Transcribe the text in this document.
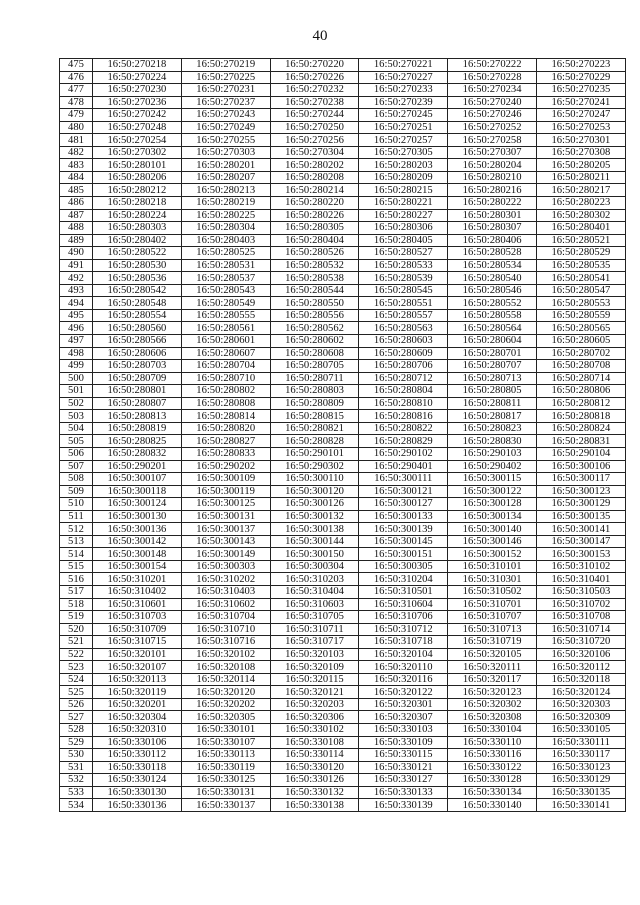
40
475	16:50:270218	16:50:270219	16:50:270220	16:50:270221	16:50:270222	16:50:270223
476	16:50:270224	16:50:270225	16:50:270226	16:50:270227	16:50:270228	16:50:270229
477	16:50:270230	16:50:270231	16:50:270232	16:50:270233	16:50:270234	16:50:270235
478	16:50:270236	16:50:270237	16:50:270238	16:50:270239	16:50:270240	16:50:270241
479	16:50:270242	16:50:270243	16:50:270244	16:50:270245	16:50:270246	16:50:270247
480	16:50:270248	16:50:270249	16:50:270250	16:50:270251	16:50:270252	16:50:270253
481	16:50:270254	16:50:270255	16:50:270256	16:50:270257	16:50:270258	16:50:270301
482	16:50:270302	16:50:270303	16:50:270304	16:50:270305	16:50:270307	16:50:270308
483	16:50:280101	16:50:280201	16:50:280202	16:50:280203	16:50:280204	16:50:280205
484	16:50:280206	16:50:280207	16:50:280208	16:50:280209	16:50:280210	16:50:280211
485	16:50:280212	16:50:280213	16:50:280214	16:50:280215	16:50:280216	16:50:280217
486	16:50:280218	16:50:280219	16:50:280220	16:50:280221	16:50:280222	16:50:280223
487	16:50:280224	16:50:280225	16:50:280226	16:50:280227	16:50:280301	16:50:280302
488	16:50:280303	16:50:280304	16:50:280305	16:50:280306	16:50:280307	16:50:280401
489	16:50:280402	16:50:280403	16:50:280404	16:50:280405	16:50:280406	16:50:280521
490	16:50:280522	16:50:280525	16:50:280526	16:50:280527	16:50:280528	16:50:280529
491	16:50:280530	16:50:280531	16:50:280532	16:50:280533	16:50:280534	16:50:280535
492	16:50:280536	16:50:280537	16:50:280538	16:50:280539	16:50:280540	16:50:280541
493	16:50:280542	16:50:280543	16:50:280544	16:50:280545	16:50:280546	16:50:280547
494	16:50:280548	16:50:280549	16:50:280550	16:50:280551	16:50:280552	16:50:280553
495	16:50:280554	16:50:280555	16:50:280556	16:50:280557	16:50:280558	16:50:280559
496	16:50:280560	16:50:280561	16:50:280562	16:50:280563	16:50:280564	16:50:280565
497	16:50:280566	16:50:280601	16:50:280602	16:50:280603	16:50:280604	16:50:280605
498	16:50:280606	16:50:280607	16:50:280608	16:50:280609	16:50:280701	16:50:280702
499	16:50:280703	16:50:280704	16:50:280705	16:50:280706	16:50:280707	16:50:280708
500	16:50:280709	16:50:280710	16:50:280711	16:50:280712	16:50:280713	16:50:280714
501	16:50:280801	16:50:280802	16:50:280803	16:50:280804	16:50:280805	16:50:280806
502	16:50:280807	16:50:280808	16:50:280809	16:50:280810	16:50:280811	16:50:280812
503	16:50:280813	16:50:280814	16:50:280815	16:50:280816	16:50:280817	16:50:280818
504	16:50:280819	16:50:280820	16:50:280821	16:50:280822	16:50:280823	16:50:280824
505	16:50:280825	16:50:280827	16:50:280828	16:50:280829	16:50:280830	16:50:280831
506	16:50:280832	16:50:280833	16:50:290101	16:50:290102	16:50:290103	16:50:290104
507	16:50:290201	16:50:290202	16:50:290302	16:50:290401	16:50:290402	16:50:300106
508	16:50:300107	16:50:300109	16:50:300110	16:50:300111	16:50:300115	16:50:300117
509	16:50:300118	16:50:300119	16:50:300120	16:50:300121	16:50:300122	16:50:300123
510	16:50:300124	16:50:300125	16:50:300126	16:50:300127	16:50:300128	16:50:300129
511	16:50:300130	16:50:300131	16:50:300132	16:50:300133	16:50:300134	16:50:300135
512	16:50:300136	16:50:300137	16:50:300138	16:50:300139	16:50:300140	16:50:300141
513	16:50:300142	16:50:300143	16:50:300144	16:50:300145	16:50:300146	16:50:300147
514	16:50:300148	16:50:300149	16:50:300150	16:50:300151	16:50:300152	16:50:300153
515	16:50:300154	16:50:300303	16:50:300304	16:50:300305	16:50:310101	16:50:310102
516	16:50:310201	16:50:310202	16:50:310203	16:50:310204	16:50:310301	16:50:310401
517	16:50:310402	16:50:310403	16:50:310404	16:50:310501	16:50:310502	16:50:310503
518	16:50:310601	16:50:310602	16:50:310603	16:50:310604	16:50:310701	16:50:310702
519	16:50:310703	16:50:310704	16:50:310705	16:50:310706	16:50:310707	16:50:310708
520	16:50:310709	16:50:310710	16:50:310711	16:50:310712	16:50:310713	16:50:310714
521	16:50:310715	16:50:310716	16:50:310717	16:50:310718	16:50:310719	16:50:310720
522	16:50:320101	16:50:320102	16:50:320103	16:50:320104	16:50:320105	16:50:320106
523	16:50:320107	16:50:320108	16:50:320109	16:50:320110	16:50:320111	16:50:320112
524	16:50:320113	16:50:320114	16:50:320115	16:50:320116	16:50:320117	16:50:320118
525	16:50:320119	16:50:320120	16:50:320121	16:50:320122	16:50:320123	16:50:320124
526	16:50:320201	16:50:320202	16:50:320203	16:50:320301	16:50:320302	16:50:320303
527	16:50:320304	16:50:320305	16:50:320306	16:50:320307	16:50:320308	16:50:320309
528	16:50:320310	16:50:330101	16:50:330102	16:50:330103	16:50:330104	16:50:330105
529	16:50:330106	16:50:330107	16:50:330108	16:50:330109	16:50:330110	16:50:330111
530	16:50:330112	16:50:330113	16:50:330114	16:50:330115	16:50:330116	16:50:330117
531	16:50:330118	16:50:330119	16:50:330120	16:50:330121	16:50:330122	16:50:330123
532	16:50:330124	16:50:330125	16:50:330126	16:50:330127	16:50:330128	16:50:330129
533	16:50:330130	16:50:330131	16:50:330132	16:50:330133	16:50:330134	16:50:330135
534	16:50:330136	16:50:330137	16:50:330138	16:50:330139	16:50:330140	16:50:330141
